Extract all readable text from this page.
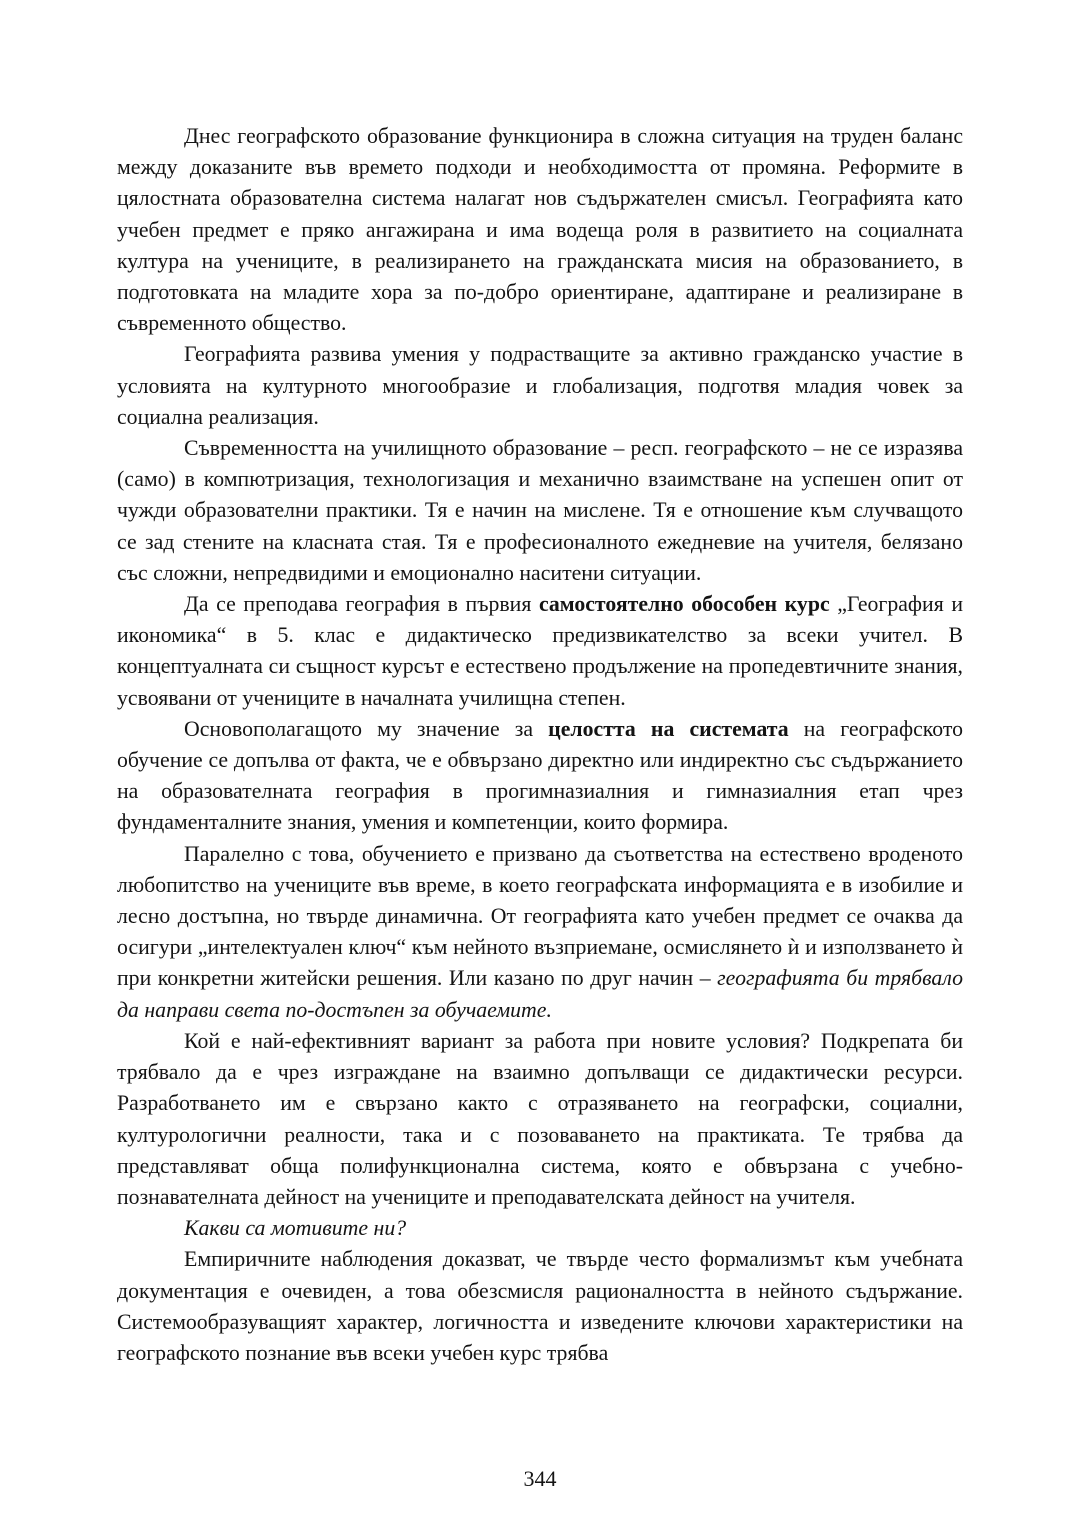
Днес географското образование функционира в сложна ситуация на труден баланс между доказаните във времето подходи и необходимостта от промяна. Реформите в цялостната образователна система налагат нов съдържателен смисъл. Географията като учебен предмет е пряко ангажирана и има водеща роля в развитието на социалната култура на учениците, в реализирането на гражданската мисия на образованието, в подготовката на младите хора за по-добро ориентиране, адаптиране и реализиране в съвременното общество.

Географията развива умения у подрастващите за активно гражданско участие в условията на културното многообразие и глобализация, подготвя младия човек за социална реализация.

Съвременността на училищното образование – респ. географското – не се изразява (само) в компютризация, технологизация и механично взаимстване на успешен опит от чужди образователни практики. Тя е начин на мислене. Тя е отношение към случващото се зад стените на класната стая. Тя е професионалното ежедневие на учителя, белязано със сложни, непредвидими и емоционално наситени ситуации.

Да се преподава география в първия самостоятелно обособен курс „География и икономика“ в 5. клас е дидактическо предизвикателство за всеки учител. В концептуалната си същност курсът е естествено продължение на пропедевтичните знания, усвоявани от учениците в началната училищна степен.

Основополагащото му значение за целостта на системата на географското обучение се допълва от факта, че е обвързано директно или индиректно със съдържанието на образователната география в прогимназиалния и гимназиалния етап чрез фундаменталните знания, умения и компетенции, които формира.

Паралелно с това, обучението е призвано да съответства на естествено вроденото любопитство на учениците във време, в което географската информацията е в изобилие и лесно достъпна, но твърде динамична. От географията като учебен предмет се очаква да осигури „интелектуален ключ“ към нейното възприемане, осмислянето ѝ и използването ѝ при конкретни житейски решения. Или казано по друг начин – географията би трябвало да направи света по-достъпен за обучаемите.

Кой е най-ефективният вариант за работа при новите условия? Подкрепата би трябвало да е чрез изграждане на взаимно допълващи се дидактически ресурси. Разработването им е свързано както с отразяването на географски, социални, културологични реалности, така и с позоваването на практиката. Те трябва да представляват обща полифункционална система, която е обвързана с учебно-познавателната дейност на учениците и преподавателската дейност на учителя.

Какви са мотивите ни?

Емпиричните наблюдения доказват, че твърде често формализмът към учебната документация е очевиден, а това обезсмисля рационалността в нейното съдържание. Системообразуващият характер, логичността и изведените ключови характеристики на географското познание във всеки учебен курс трябва

344
